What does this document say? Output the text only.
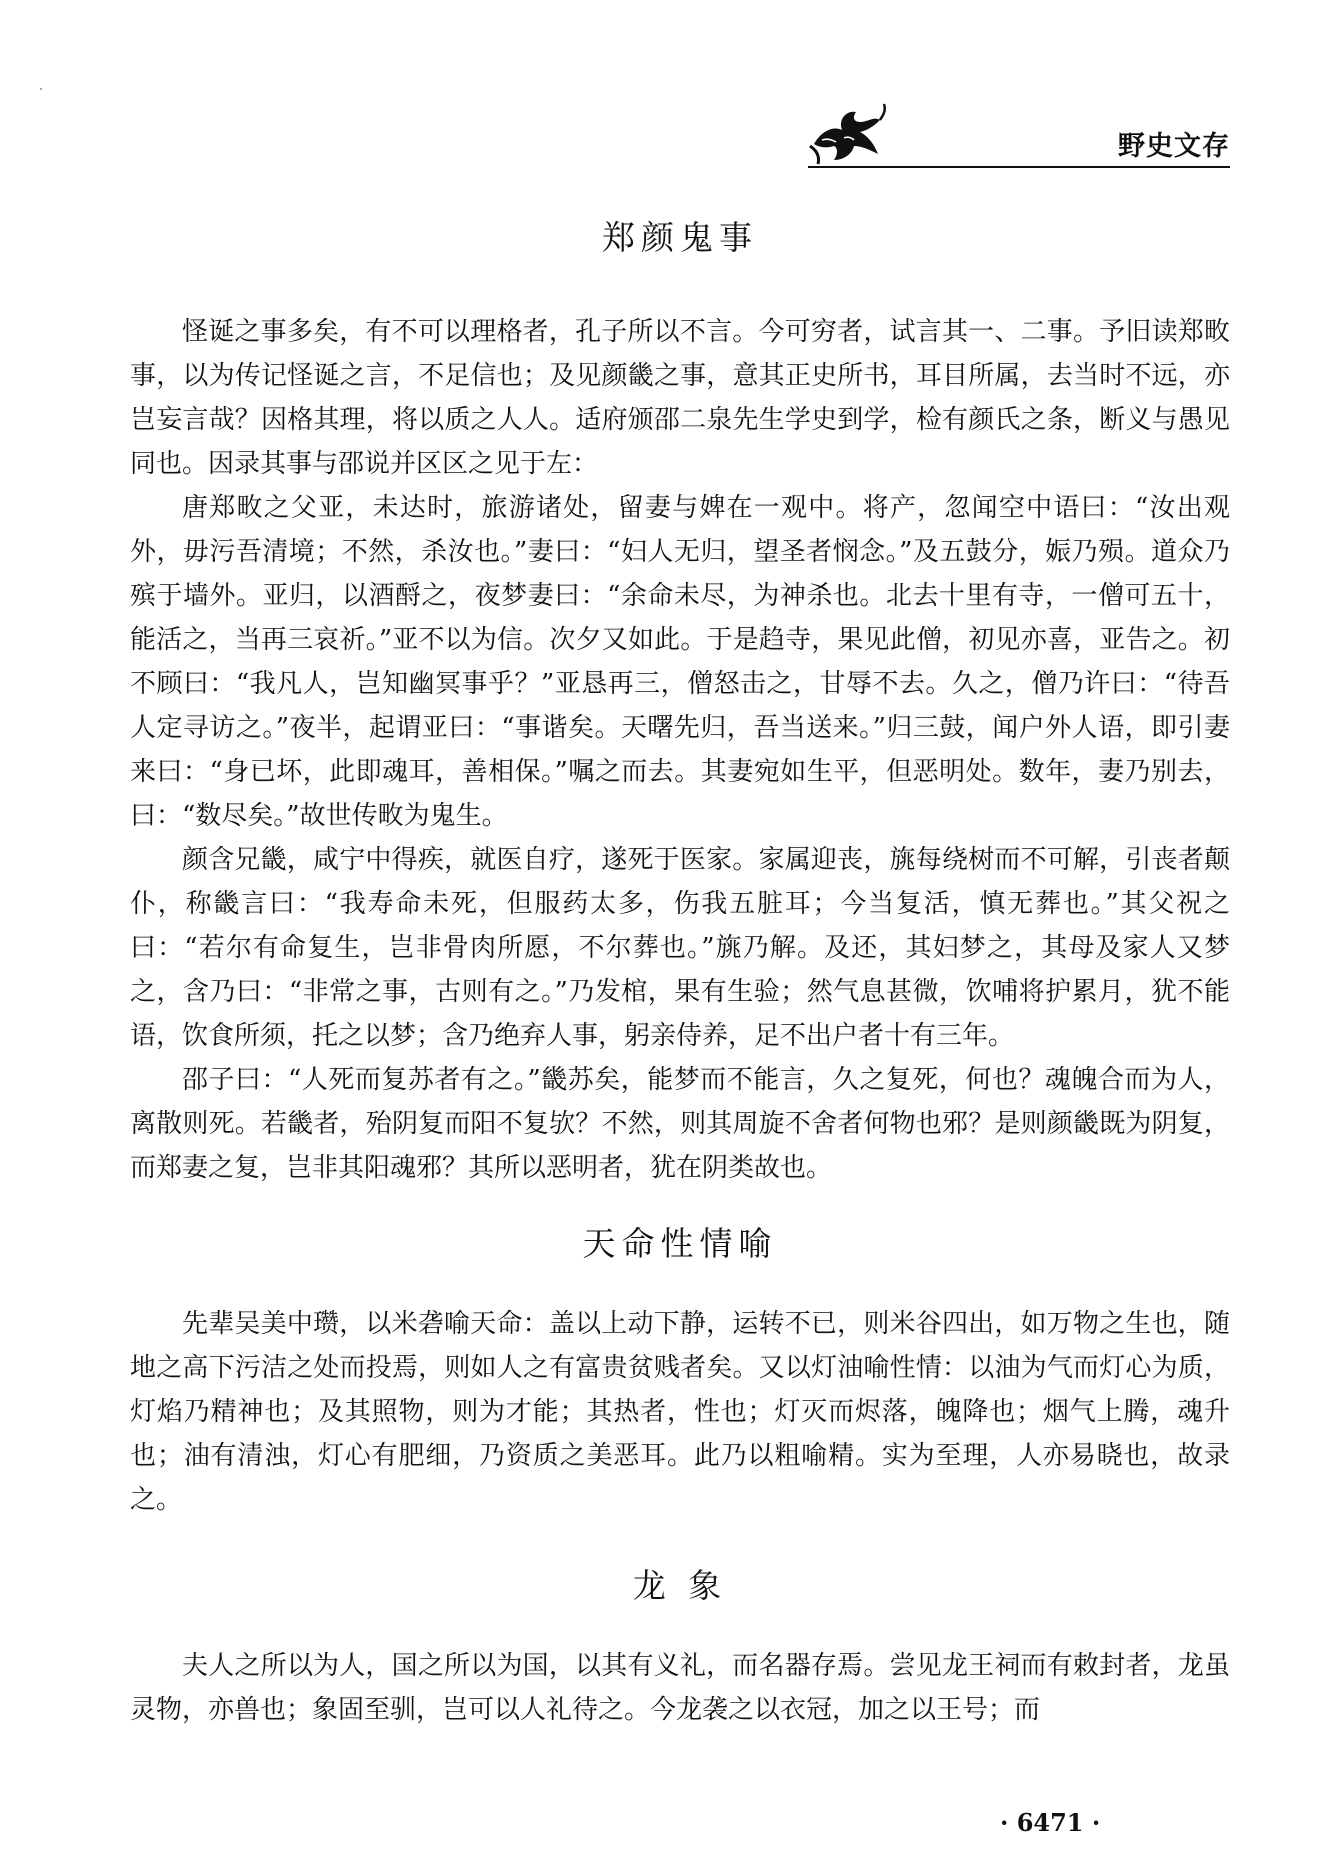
野史文存
郑颜鬼事

怪诞之事多矣，有不可以理格者，孔子所以不言。今可穷者，试言其一、二事。予旧读郑畋事，以为传记怪诞之言，不足信也；及见颜畿之事，意其正史所书，耳目所属，去当时不远，亦岂妄言哉？因格其理，将以质之人人。适府颁邵二泉先生学史到学，检有颜氏之条，断义与愚见同也。因录其事与邵说并区区之见于左：

唐郑畋之父亚，未达时，旅游诸处，留妻与婢在一观中。将产，忽闻空中语曰：“汝出观外，毋污吾清境；不然，杀汝也。”妻曰：“妇人无归，望圣者悯念。”及五鼓分，娠乃殒。道众乃殡于墙外。亚归，以酒酹之，夜梦妻曰：“余命未尽，为神杀也。北去十里有寺，一僧可五十，能活之，当再三哀祈。”亚不以为信。次夕又如此。于是趋寺，果见此僧，初见亦喜，亚告之。初不顾曰：“我凡人，岂知幽冥事乎？”亚恳再三，僧怒击之，甘辱不去。久之，僧乃许曰：“待吾人定寻访之。”夜半，起谓亚曰：“事谐矣。天曙先归，吾当送来。”归三鼓，闻户外人语，即引妻来曰：“身已坏，此即魂耳，善相保。”嘱之而去。其妻宛如生平，但恶明处。数年，妻乃别去，曰：“数尽矣。”故世传畋为鬼生。

颜含兄畿，咸宁中得疾，就医自疗，遂死于医家。家属迎丧，旐每绕树而不可解，引丧者颠仆，称畿言曰：“我寿命未死，但服药太多，伤我五脏耳；今当复活，慎无葬也。”其父祝之曰：“若尔有命复生，岂非骨肉所愿，不尔葬也。”旐乃解。及还，其妇梦之，其母及家人又梦之，含乃曰：“非常之事，古则有之。”乃发棺，果有生验；然气息甚微，饮哺将护累月，犹不能语，饮食所须，托之以梦；含乃绝弃人事，躬亲侍养，足不出户者十有三年。

邵子曰：“人死而复苏者有之。”畿苏矣，能梦而不能言，久之复死，何也？魂魄合而为人，离散则死。若畿者，殆阴复而阳不复欤？不然，则其周旋不舍者何物也邪？是则颜畿既为阴复，而郑妻之复，岂非其阳魂邪？其所以恶明者，犹在阴类故也。

天命性情喻

先辈吴美中瓒，以米砻喻天命：盖以上动下静，运转不已，则米谷四出，如万物之生也，随地之高下污洁之处而投焉，则如人之有富贵贫贱者矣。又以灯油喻性情：以油为气而灯心为质，灯焰乃精神也；及其照物，则为才能；其热者，性也；灯灭而烬落，魄降也；烟气上腾，魂升也；油有清浊，灯心有肥细，乃资质之美恶耳。此乃以粗喻精。实为至理，人亦易晓也，故录之。

龙 象

夫人之所以为人，国之所以为国，以其有义礼，而名器存焉。尝见龙王祠而有敕封者，龙虽灵物，亦兽也；象固至驯，岂可以人礼待之。今龙袭之以衣冠，加之以王号；而

· 6471 ·
